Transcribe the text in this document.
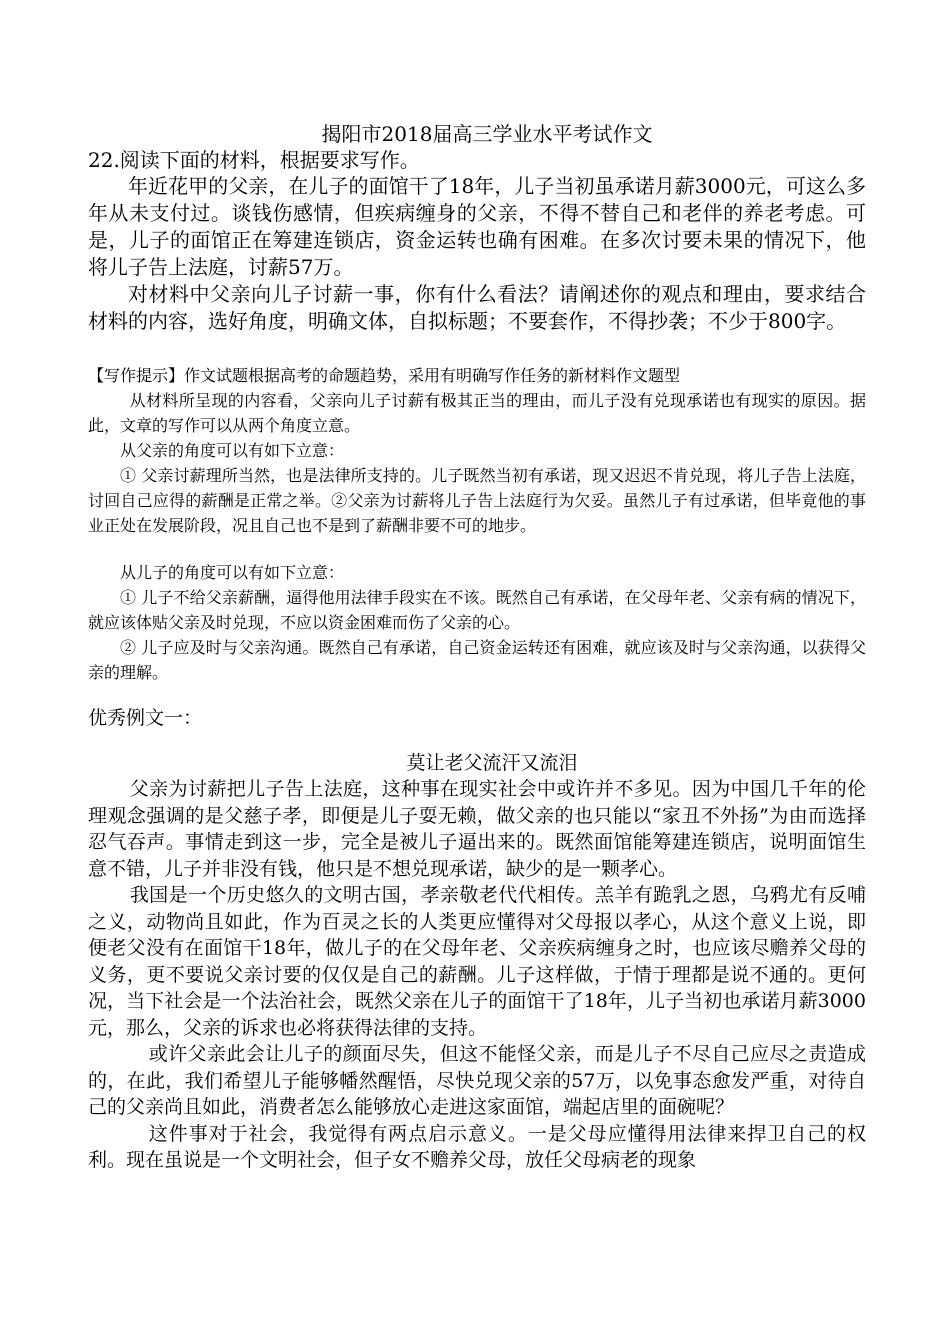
揭阳市2018届高三学业水平考试作文

22.阅读下面的材料，根据要求写作。

年近花甲的父亲，在儿子的面馆干了18年，儿子当初虽承诺月薪3000元，可这么多年从未支付过。谈钱伤感情，但疾病缠身的父亲，不得不替自己和老伴的养老考虑。可是，儿子的面馆正在筹建连锁店，资金运转也确有困难。在多次讨要未果的情况下，他将儿子告上法庭，讨薪57万。

对材料中父亲向儿子讨薪一事，你有什么看法？请阐述你的观点和理由，要求结合材料的内容，选好角度，明确文体，自拟标题；不要套作，不得抄袭；不少于800字。

【写作提示】作文试题根据高考的命题趋势，采用有明确写作任务的新材料作文题型

从材料所呈现的内容看，父亲向儿子讨薪有极其正当的理由，而儿子没有兑现承诺也有现实的原因。据此，文章的写作可以从两个角度立意。

从父亲的角度可以有如下立意：

① 父亲讨薪理所当然，也是法律所支持的。儿子既然当初有承诺，现又迟迟不肯兑现，将儿子告上法庭，讨回自己应得的薪酬是正常之举。②父亲为讨薪将儿子告上法庭行为欠妥。虽然儿子有过承诺，但毕竟他的事业正处在发展阶段，况且自己也不是到了薪酬非要不可的地步。

从儿子的角度可以有如下立意：

① 儿子不给父亲薪酬，逼得他用法律手段实在不该。既然自己有承诺，在父母年老、父亲有病的情况下，就应该体贴父亲及时兑现，不应以资金困难而伤了父亲的心。

② 儿子应及时与父亲沟通。既然自己有承诺，自己资金运转还有困难，就应该及时与父亲沟通，以获得父亲的理解。

优秀例文一：

莫让老父流汗又流泪

父亲为讨薪把儿子告上法庭，这种事在现实社会中或许并不多见。因为中国几千年的伦理观念强调的是父慈子孝，即便是儿子耍无赖，做父亲的也只能以“家丑不外扬”为由而选择忍气吞声。事情走到这一步，完全是被儿子逼出来的。既然面馆能筹建连锁店，说明面馆生意不错，儿子并非没有钱，他只是不想兑现承诺，缺少的是一颗孝心。

我国是一个历史悠久的文明古国，孝亲敬老代代相传。羔羊有跪乳之恩，乌鸦尤有反哺之义，动物尚且如此，作为百灵之长的人类更应懂得对父母报以孝心，从这个意义上说，即便老父没有在面馆干18年，做儿子的在父母年老、父亲疾病缠身之时，也应该尽赡养父母的义务，更不要说父亲讨要的仅仅是自己的薪酬。儿子这样做，于情于理都是说不通的。更何况，当下社会是一个法治社会，既然父亲在儿子的面馆干了18年，儿子当初也承诺月薪3000元，那么，父亲的诉求也必将获得法律的支持。

或许父亲此会让儿子的颜面尽失，但这不能怪父亲，而是儿子不尽自己应尽之责造成的，在此，我们希望儿子能够幡然醒悟，尽快兑现父亲的57万，以免事态愈发严重，对待自己的父亲尚且如此，消费者怎么能够放心走进这家面馆，端起店里的面碗呢？

这件事对于社会，我觉得有两点启示意义。一是父母应懂得用法律来捍卫自己的权利。现在虽说是一个文明社会，但子女不赡养父母，放任父母病老的现象
